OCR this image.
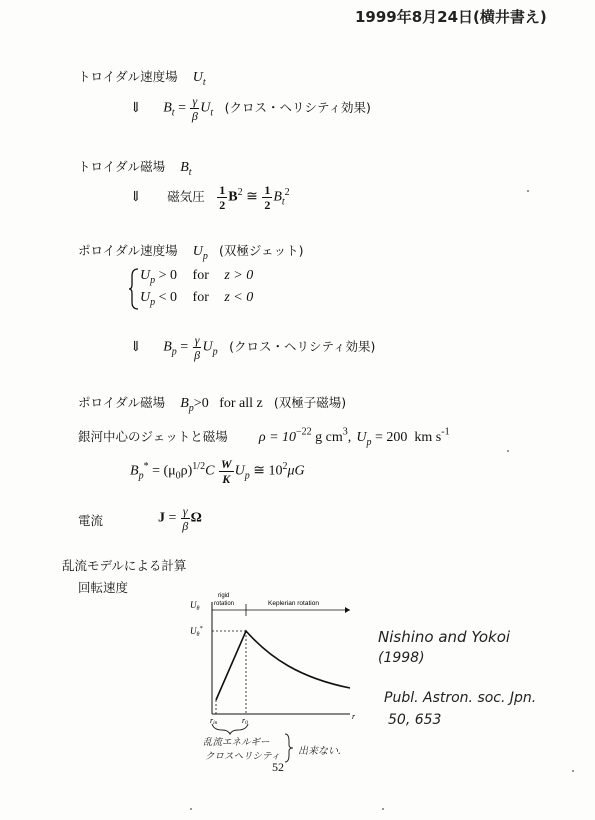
1999年8月24日(横井書え)
トロイダル速度場 $U_t$
⇓ $B_t = \frac{\gamma}{\beta} U_t$ (クロス・ヘリシティ効果)
トロイダル磁場 $B_t$
⇓ 磁気圧 $\frac{1}{2} B^2$ ≅ $\frac{1}{2} B_t^2$
ポロイダル速度場 $U_p$ (双極ジェット)
$U_p > 0$ for z > 0
$U_p < 0$ for z < 0
⇓ $B_p = \frac{\gamma}{\beta} U_p$ (クロス・ヘリシティ効果)
ポロイダル磁場 $B_p>0$   for all z (双極子磁場)
銀河中心のジェットと磁場 $\rho = 10^{-22}$ g $cm^3$, $U_p = 200$  km $s^{-1}$
$B_p^* = (\mu_0\rho)^{1/2}C \frac{W}{K} U_p$ ≅ $10^2\mu G$
電流	$J = \frac{\gamma}{\beta}$ Ω
乱流モデルによる計算
回転速度
$U_\theta$
$U_\theta^*$
rigid
rotation	Keplerian rotation
r
rin	r0
Nishino and Yokoi
(1998)
Publ. Astron. soc. Jpn.
50, 653
乱流エネルギー
クロスヘリシティ 出来ない.
52
